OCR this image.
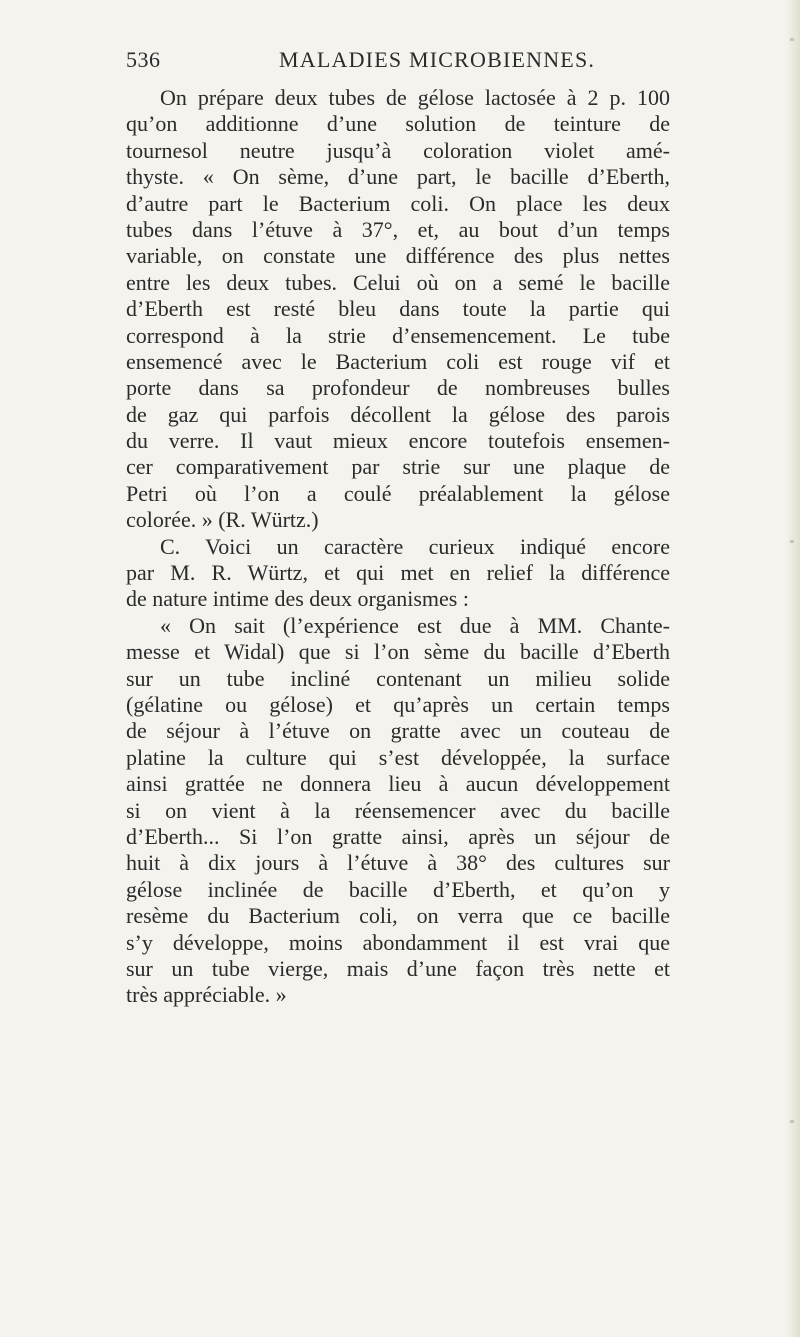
536	MALADIES MICROBIENNES.
On prépare deux tubes de gélose lactosée à 2 p. 100
qu’on additionne d’une solution de teinture de
tournesol neutre jusqu’à coloration violet amé-
thyste. « On sème, d’une part, le bacille d’Eberth,
d’autre part le Bacterium coli. On place les deux
tubes dans l’étuve à 37°, et, au bout d’un temps
variable, on constate une différence des plus nettes
entre les deux tubes. Celui où on a semé le bacille
d’Eberth est resté bleu dans toute la partie qui
correspond à la strie d’ensemencement. Le tube
ensemencé avec le Bacterium coli est rouge vif et
porte dans sa profondeur de nombreuses bulles
de gaz qui parfois décollent la gélose des parois
du verre. Il vaut mieux encore toutefois ensemen-
cer comparativement par strie sur une plaque de
Petri où l’on a coulé préalablement la gélose
colorée. » (R. Würtz.)
C. Voici un caractère curieux indiqué encore
par M. R. Würtz, et qui met en relief la différence
de nature intime des deux organismes :
« On sait (l’expérience est due à MM. Chante-
messe et Widal) que si l’on sème du bacille d’Eberth
sur un tube incliné contenant un milieu solide
(gélatine ou gélose) et qu’après un certain temps
de séjour à l’étuve on gratte avec un couteau de
platine la culture qui s’est développée, la surface
ainsi grattée ne donnera lieu à aucun développement
si on vient à la réensemencer avec du bacille
d’Eberth... Si l’on gratte ainsi, après un séjour de
huit à dix jours à l’étuve à 38° des cultures sur
gélose inclinée de bacille d’Eberth, et qu’on y
resème du Bacterium coli, on verra que ce bacille
s’y développe, moins abondamment il est vrai que
sur un tube vierge, mais d’une façon très nette et
très appréciable. »
